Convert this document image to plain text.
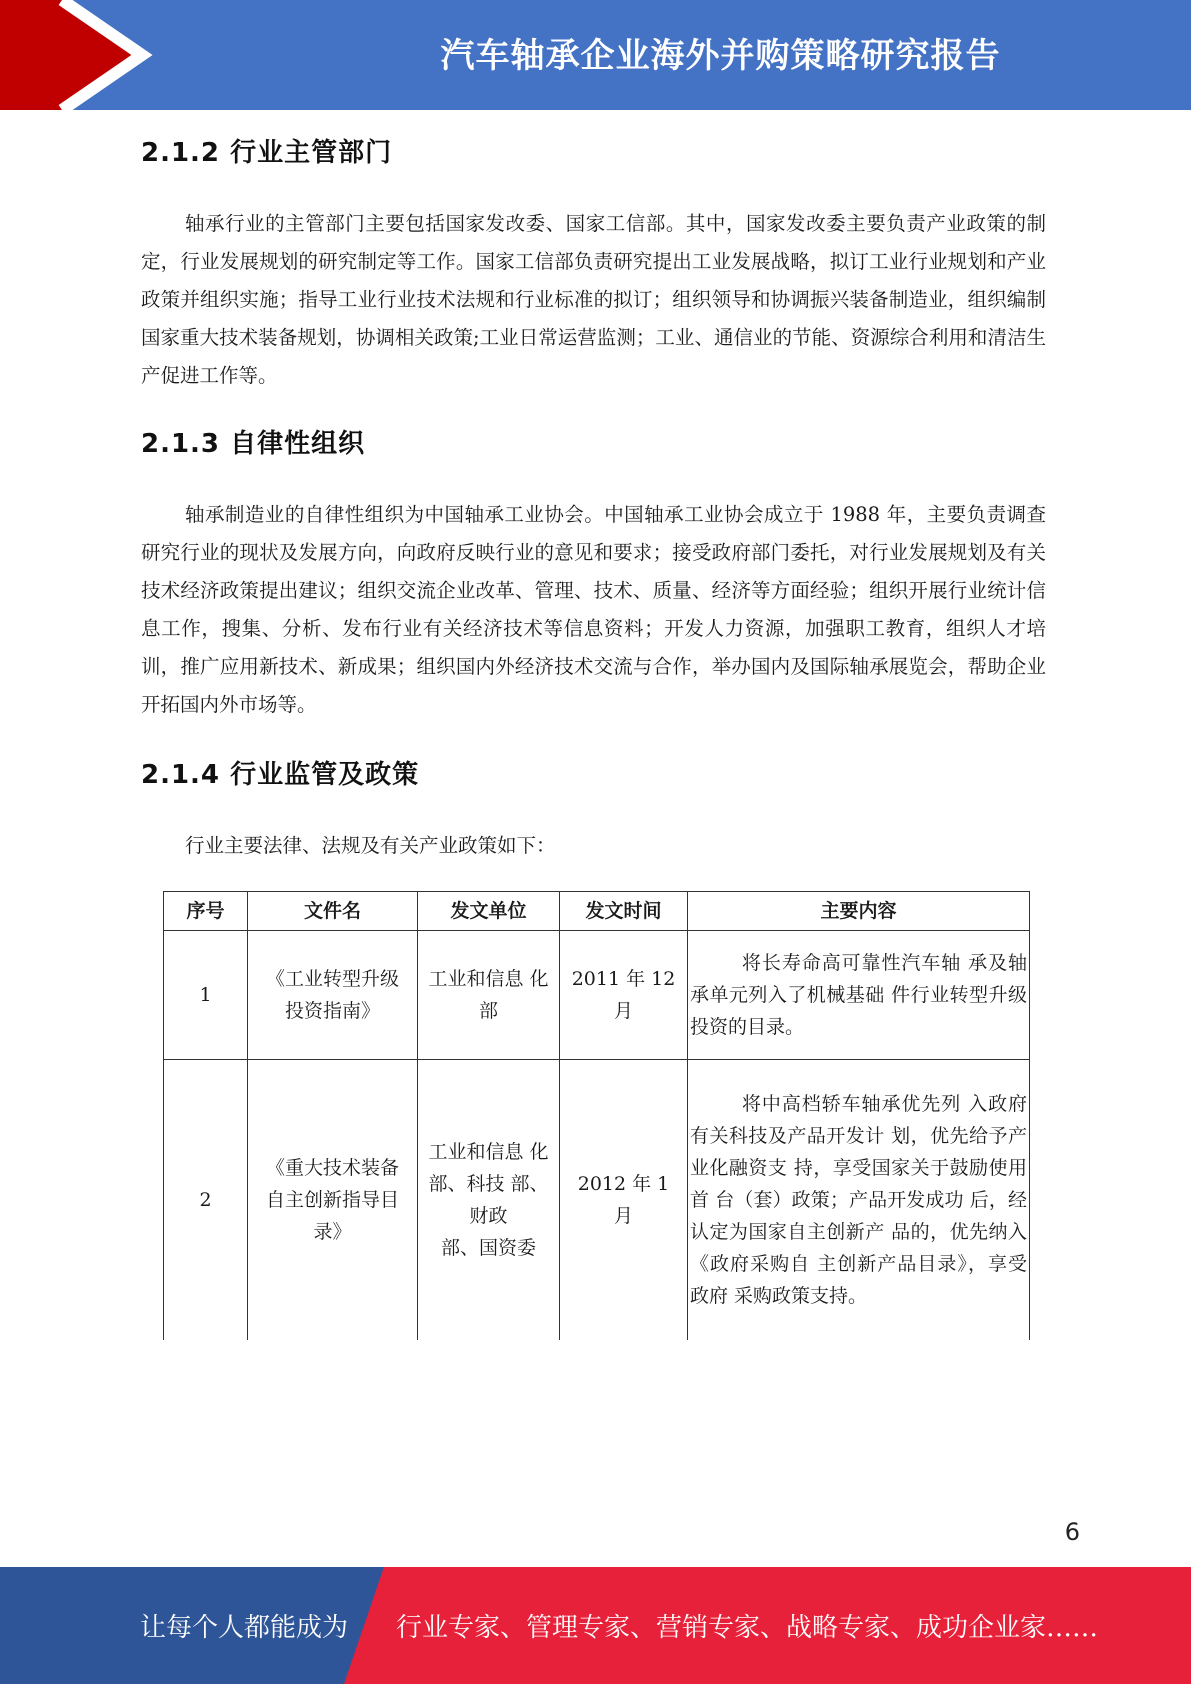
汽车轴承企业海外并购策略研究报告
2.1.2 行业主管部门

轴承行业的主管部门主要包括国家发改委、国家工信部。其中，国家发改委主要负责产业政策的制定，行业发展规划的研究制定等工作。国家工信部负责研究提出工业发展战略，拟订工业行业规划和产业政策并组织实施；指导工业行业技术法规和行业标准的拟订；组织领导和协调振兴装备制造业，组织编制国家重大技术装备规划，协调相关政策;工业日常运营监测；工业、通信业的节能、资源综合利用和清洁生产促进工作等。

2.1.3 自律性组织

轴承制造业的自律性组织为中国轴承工业协会。中国轴承工业协会成立于 1988 年，主要负责调查研究行业的现状及发展方向，向政府反映行业的意见和要求；接受政府部门委托，对行业发展规划及有关技术经济政策提出建议；组织交流企业改革、管理、技术、质量、经济等方面经验；组织开展行业统计信息工作，搜集、分析、发布行业有关经济技术等信息资料；开发人力资源，加强职工教育，组织人才培训，推广应用新技术、新成果；组织国内外经济技术交流与合作，举办国内及国际轴承展览会，帮助企业开拓国内外市场等。

2.1.4 行业监管及政策

行业主要法律、法规及有关产业政策如下：

序号	文件名	发文单位	发文时间	主要内容
1	《工业转型升级投资指南》	工业和信息 化部	2011 年 12 月	将长寿命高可靠性汽车轴 承及轴承单元列入了机械基础 件行业转型升级投资的目录。
2	《重大技术装备自主创新指导目录》	工业和信息 化部、科技 部、财政
部、国资委	2012 年 1 月	将中高档轿车轴承优先列 入政府有关科技及产品开发计 划，优先给予产业化融资支 持，享受国家关于鼓励使用首 台（套）政策；产品开发成功 后，经认定为国家自主创新产 品的，优先纳入《政府采购自 主创新产品目录》，享受政府 采购政策支持。
6
让每个人都能成为 行业专家、管理专家、营销专家、战略专家、成功企业家……
